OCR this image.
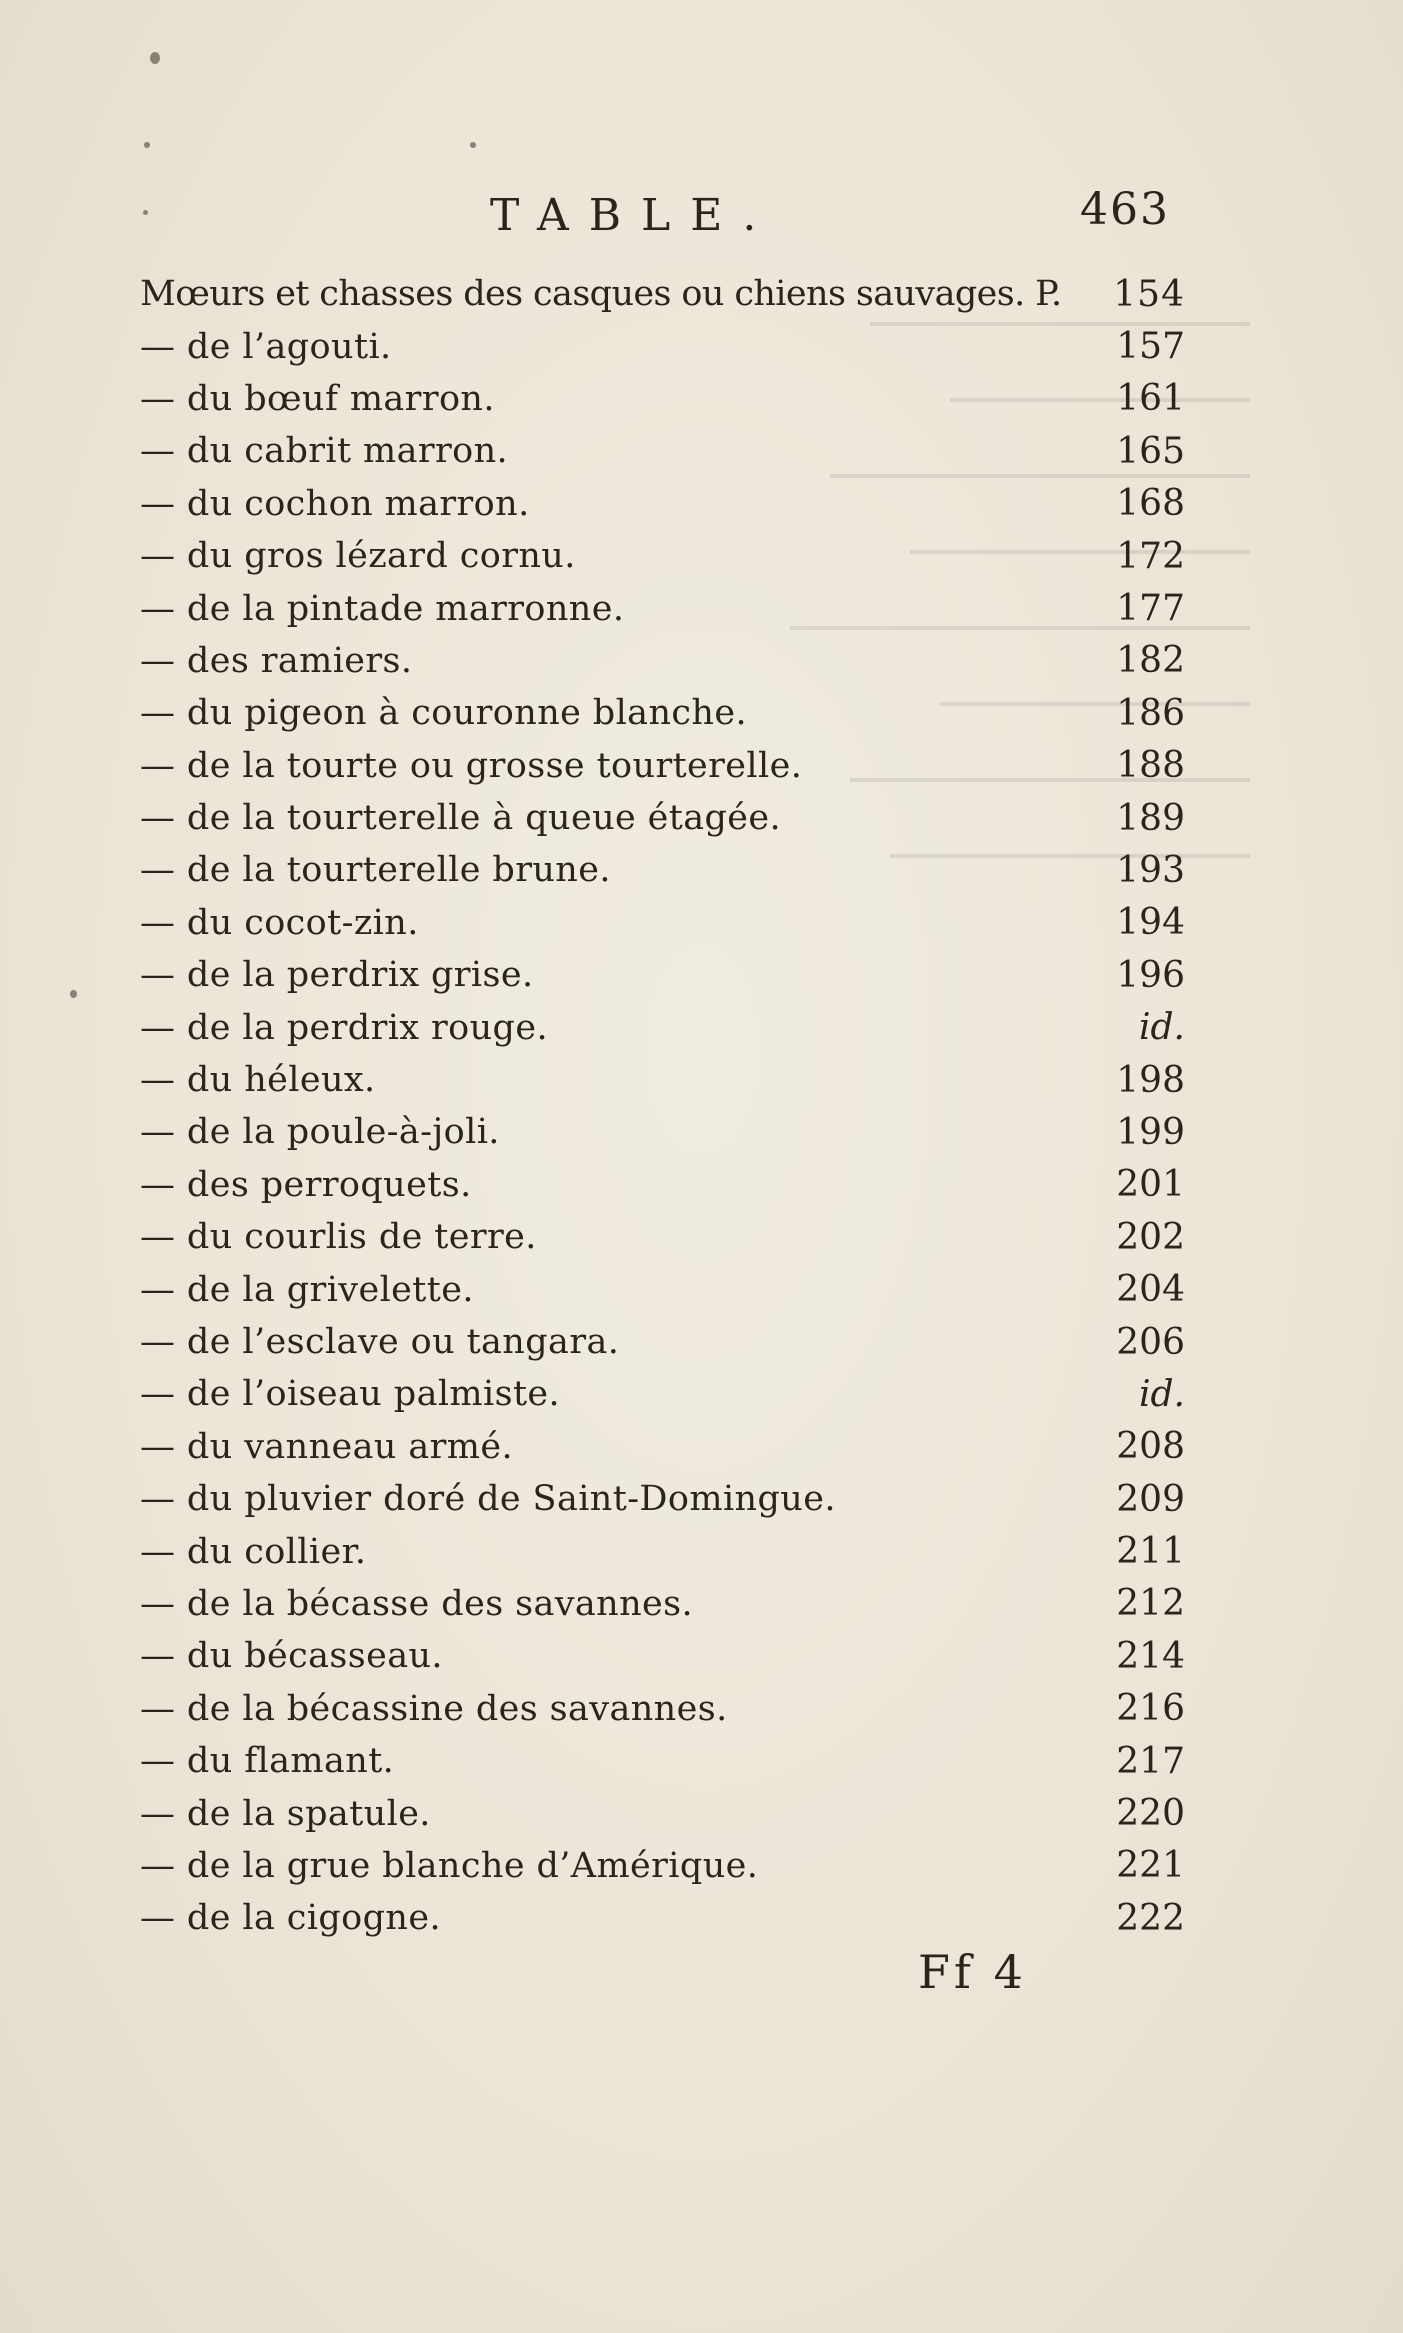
TABLE.	463
Mœurs et chasses des casques ou chiens sauvages. P.	154
— de l’agouti.	157
— du bœuf marron.	161
— du cabrit marron.	165
— du cochon marron.	168
— du gros lézard cornu.	172
— de la pintade marronne.	177
— des ramiers.	182
— du pigeon à couronne blanche.	186
— de la tourte ou grosse tourterelle.	188
— de la tourterelle à queue étagée.	189
— de la tourterelle brune.	193
— du cocot-zin.	194
— de la perdrix grise.	196
— de la perdrix rouge.	id.
— du héleux.	198
— de la poule-à-joli.	199
— des perroquets.	201
— du courlis de terre.	202
— de la grivelette.	204
— de l’esclave ou tangara.	206
— de l’oiseau palmiste.	id.
— du vanneau armé.	208
— du pluvier doré de Saint-Domingue.	209
— du collier.	211
— de la bécasse des savannes.	212
— du bécasseau.	214
— de la bécassine des savannes.	216
— du flamant.	217
— de la spatule.	220
— de la grue blanche d’Amérique.	221
— de la cigogne.	222
Ff 4
